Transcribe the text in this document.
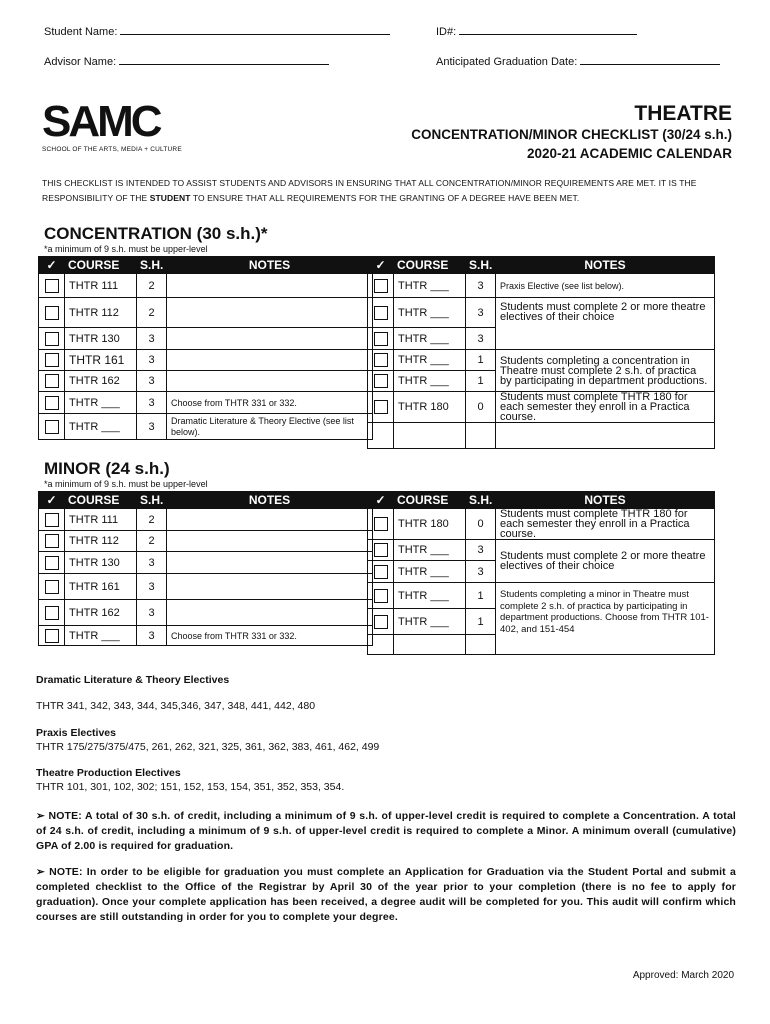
Student Name:	ID#:
Advisor Name:	Anticipated Graduation Date:
SAMC
SCHOOL OF THE ARTS, MEDIA + CULTURE
THEATRE
CONCENTRATION/MINOR CHECKLIST (30/24 s.h.)
2020-21 ACADEMIC CALENDAR
THIS CHECKLIST IS INTENDED TO ASSIST STUDENTS AND ADVISORS IN ENSURING THAT ALL CONCENTRATION/MINOR REQUIREMENTS ARE MET. IT IS THE
RESPONSIBILITY OF THE STUDENT TO ENSURE THAT ALL REQUIREMENTS FOR THE GRANTING OF A DEGREE HAVE BEEN MET.
CONCENTRATION (30 s.h.)*
*a minimum of 9 s.h. must be upper-level
✓	COURSE	S.H.	NOTES
	THTR 111	2	
	THTR 112	2	
	THTR 130	3	
	THTR 161	3	
	THTR 162	3	
	THTR ___	3	Choose from THTR 331 or 332.
	THTR ___	3	Dramatic Literature & Theory Elective (see list below).
✓	COURSE	S.H.	NOTES
	THTR ___	3	Praxis Elective (see list below).
	THTR ___	3	Students must complete 2 or more theatre electives of their choice
	THTR ___	3	
	THTR ___	1	Students completing a concentration in Theatre must complete 2 s.h. of practica by participating in department productions.
	THTR ___	1	
	THTR 180	0	Students must complete THTR 180 for each semester they enroll in a Practica course.

MINOR (24 s.h.)
*a minimum of 9 s.h. must be upper-level
✓	COURSE	S.H.	NOTES
	THTR 111	2	
	THTR 112	2	
	THTR 130	3	
	THTR 161	3	
	THTR 162	3	
	THTR ___	3	Choose from THTR 331 or 332.
✓	COURSE	S.H.	NOTES
	THTR 180	0	Students must complete THTR 180 for each semester they enroll in a Practica course.
	THTR ___	3	Students must complete 2 or more theatre electives of their choice
	THTR ___	3	
	THTR ___	1	Students completing a minor in Theatre must complete 2 s.h. of practica by participating in department productions. Choose from THTR 101-402, and 151-454
	THTR ___	1	

Dramatic Literature & Theory Electives
THTR 341, 342, 343, 344, 345,346, 347, 348, 441, 442, 480
Praxis Electives
THTR 175/275/375/475, 261, 262, 321, 325, 361, 362, 383, 461, 462, 499
Theatre Production Electives
THTR 101, 301, 102, 302; 151, 152, 153, 154, 351, 352, 353, 354.
➢ NOTE: A total of 30 s.h. of credit, including a minimum of 9 s.h. of upper-level credit is required to complete a Concentration. A total of 24 s.h. of credit, including a minimum of 9 s.h. of upper-level credit is required to complete a Minor. A minimum overall (cumulative) GPA of 2.00 is required for graduation.
➢ NOTE: In order to be eligible for graduation you must complete an Application for Graduation via the Student Portal and submit a completed checklist to the Office of the Registrar by April 30 of the year prior to your completion (there is no fee to apply for graduation). Once your complete application has been received, a degree audit will be completed for you. This audit will confirm which courses are still outstanding in order for you to complete your degree.
Approved: March 2020
